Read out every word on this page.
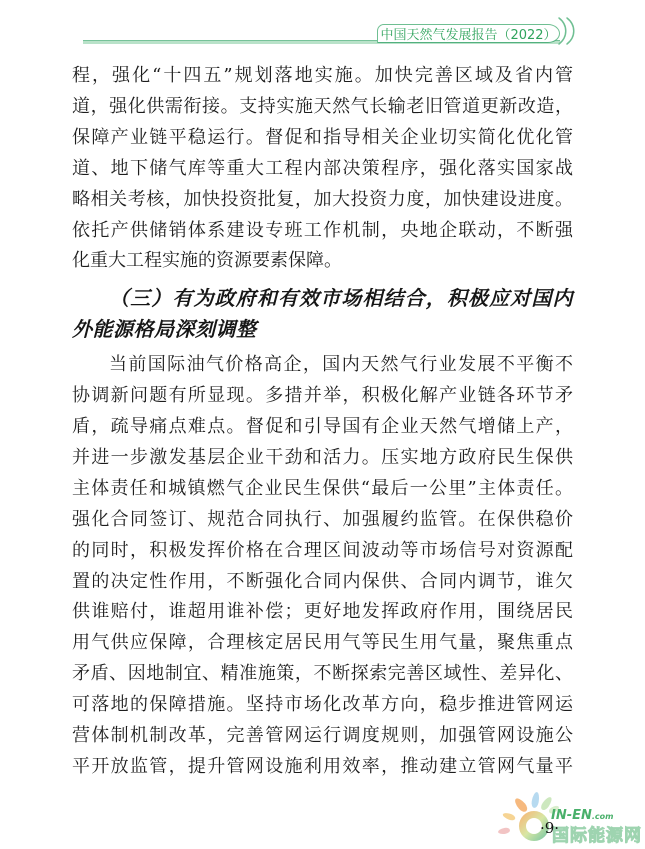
中国天然气发展报告（2022）
程，强化“十四五”规划落地实施。加快完善区域及省内管
道，强化供需衔接。支持实施天然气长输老旧管道更新改造，
保障产业链平稳运行。督促和指导相关企业切实简化优化管
道、地下储气库等重大工程内部决策程序，强化落实国家战
略相关考核，加快投资批复，加大投资力度，加快建设进度。
依托产供储销体系建设专班工作机制，央地企联动，不断强
化重大工程实施的资源要素保障。
（三）有为政府和有效市场相结合，积极应对国内
外能源格局深刻调整
当前国际油气价格高企，国内天然气行业发展不平衡不
协调新问题有所显现。多措并举，积极化解产业链各环节矛
盾，疏导痛点难点。督促和引导国有企业天然气增储上产，
并进一步激发基层企业干劲和活力。压实地方政府民生保供
主体责任和城镇燃气企业民生保供“最后一公里”主体责任。
强化合同签订、规范合同执行、加强履约监管。在保供稳价
的同时，积极发挥价格在合理区间波动等市场信号对资源配
置的决定性作用，不断强化合同内保供、合同内调节，谁欠
供谁赔付，谁超用谁补偿；更好地发挥政府作用，围绕居民
用气供应保障，合理核定居民用气等民生用气量，聚焦重点
矛盾、因地制宜、精准施策，不断探索完善区域性、差异化、
可落地的保障措施。坚持市场化改革方向，稳步推进管网运
营体制机制改革，完善管网运行调度规则，加强管网设施公
平开放监管，提升管网设施利用效率，推动建立管网气量平
IN-EN.com
国际能源网
·9·
